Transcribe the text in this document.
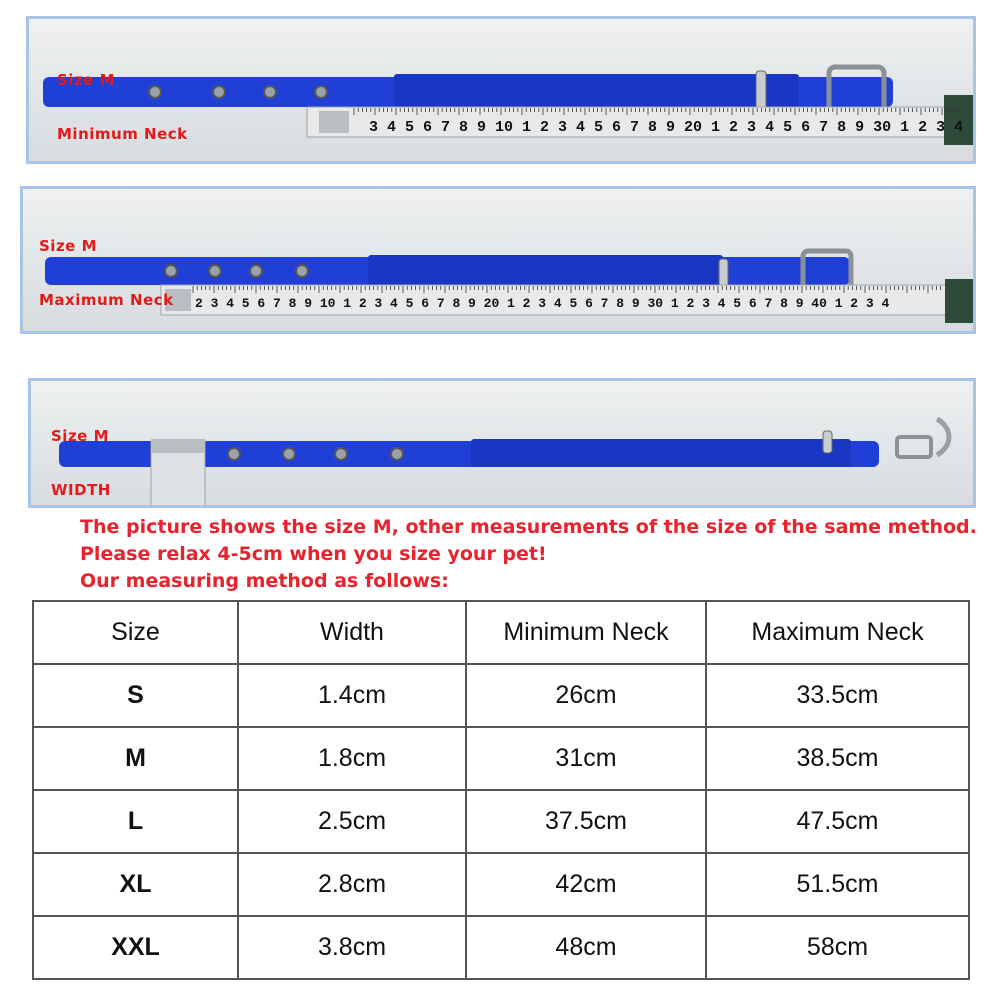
3 4 5 6 7 8 9 10 1 2 3 4 5 6 7 8 9 20 1 2 3 4 5 6 7 8 9 30 1 2 3 4

Size M

Minimum Neck

2 3 4 5 6 7 8 9 10 1 2 3 4 5 6 7 8 9 20 1 2 3 4 5 6 7 8 9 30 1 2 3 4 5 6 7 8 9 40 1 2 3 4

Size M

Maximum Neck

Size M

WIDTH

The picture shows the size M, other measurements of the size of the same method.
Please relax 4-5cm when you size your pet!
Our measuring method as follows:
Size	Width	Minimum Neck	Maximum Neck
S	1.4cm	26cm	33.5cm
M	1.8cm	31cm	38.5cm
L	2.5cm	37.5cm	47.5cm
XL	2.8cm	42cm	51.5cm
XXL	3.8cm	48cm	58cm
